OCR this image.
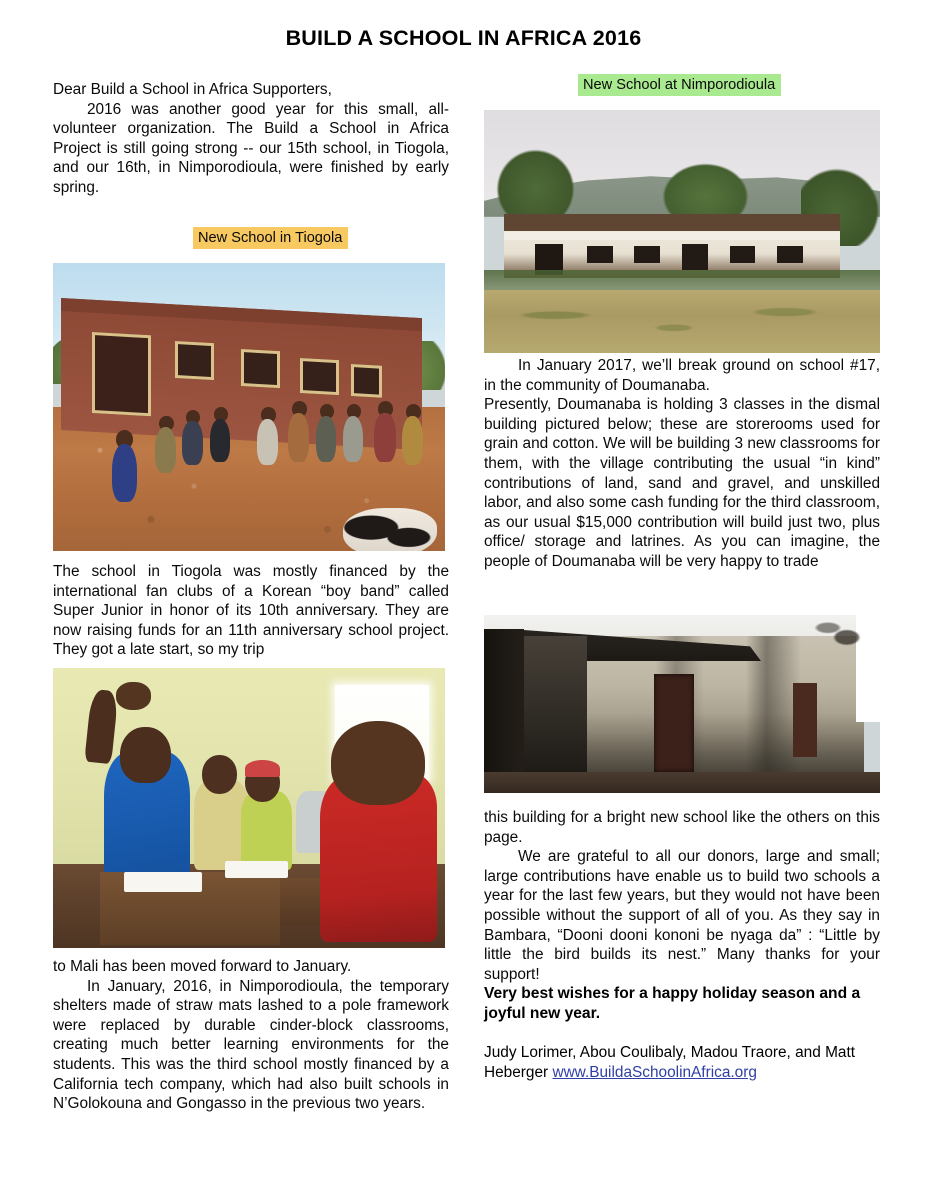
BUILD A SCHOOL IN AFRICA 2016
New School at Nimporodioula
New School in Tiogola

Dear Build a School in Africa Supporters,

2016 was another good year for this small, all-volunteer organization. The Build a School in Africa Project is still going strong -- our 15th school, in Tiogola, and our 16th, in Nimporodioula, were finished by early spring.

The school in Tiogola was mostly financed by the international fan clubs of a Korean “boy band” called Super Junior in honor of its 10th anniversary. They are now raising funds for an 11th anniversary school project. They got a late start, so my trip

to Mali has been moved forward to January.

In January, 2016, in Nimporodioula, the temporary shelters made of straw mats lashed to a pole framework were replaced by durable cinder-block classrooms, creating much better learning environments for the students. This was the third school mostly financed by a California tech company, which had also built schools in N’Golokouna and Gongasso in the previous two years.

In January 2017, we’ll break ground on school #17, in the community of Doumanaba.

Presently, Doumanaba is holding 3 classes in the dismal building pictured below; these are storerooms used for grain and cotton. We will be building 3 new classrooms for them, with the village contributing the usual “in kind” contributions of land, sand and gravel, and unskilled labor, and also some cash funding for the third classroom, as our usual $15,000 contribution will build just two, plus office/ storage and latrines. As you can imagine, the people of Doumanaba will be very happy to trade

this building for a bright new school like the others on this page.

We are grateful to all our donors, large and small; large contributions have enable us to build two schools a year for the last few years, but they would not have been possible without the support of all of you. As they say in Bambara, “Dooni dooni kononi be nyaga da” : “Little by little the bird builds its nest.” Many thanks for your support!

Very best wishes for a happy holiday season and a joyful new year.

Judy Lorimer, Abou Coulibaly, Madou Traore, and Matt Heberger www.BuildaSchoolinAfrica.org
